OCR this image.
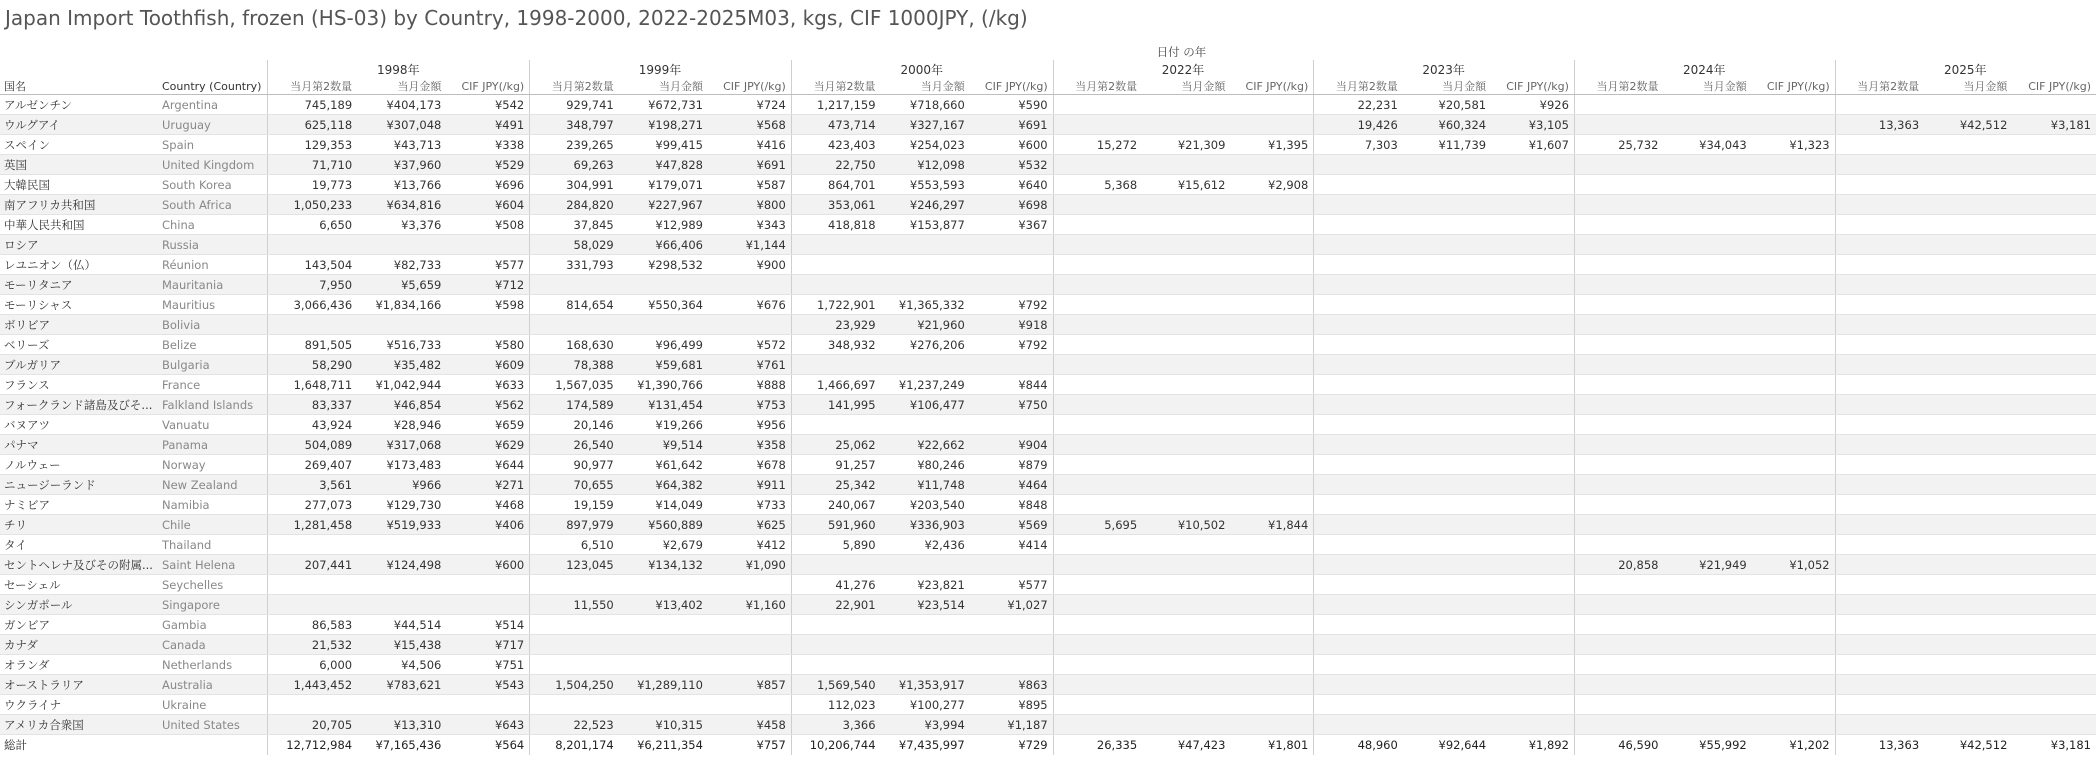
Japan Import Toothfish, frozen (HS-03) by Country, 1998-2000, 2022-2025M03, kgs, CIF 1000JPY, (/kg)
		日付 の年																				
		1998年			1999年			2000年			2022年			2023年			2024年			2025年		
国名	Country (Country)	当月第2数量	当月金額	CIF JPY(/kg)	当月第2数量	当月金額	CIF JPY(/kg)	当月第2数量	当月金額	CIF JPY(/kg)	当月第2数量	当月金額	CIF JPY(/kg)	当月第2数量	当月金額	CIF JPY(/kg)	当月第2数量	当月金額	CIF JPY(/kg)	当月第2数量	当月金額	CIF JPY(/kg)
アルゼンチン	Argentina	745,189	¥404,173	¥542	929,741	¥672,731	¥724	1,217,159	¥718,660	¥590				22,231	¥20,581	¥926						
ウルグアイ	Uruguay	625,118	¥307,048	¥491	348,797	¥198,271	¥568	473,714	¥327,167	¥691				19,426	¥60,324	¥3,105				13,363	¥42,512	¥3,181
スペイン	Spain	129,353	¥43,713	¥338	239,265	¥99,415	¥416	423,403	¥254,023	¥600	15,272	¥21,309	¥1,395	7,303	¥11,739	¥1,607	25,732	¥34,043	¥1,323			
英国	United Kingdom	71,710	¥37,960	¥529	69,263	¥47,828	¥691	22,750	¥12,098	¥532												
大韓民国	South Korea	19,773	¥13,766	¥696	304,991	¥179,071	¥587	864,701	¥553,593	¥640	5,368	¥15,612	¥2,908									
南アフリカ共和国	South Africa	1,050,233	¥634,816	¥604	284,820	¥227,967	¥800	353,061	¥246,297	¥698												
中華人民共和国	China	6,650	¥3,376	¥508	37,845	¥12,989	¥343	418,818	¥153,877	¥367												
ロシア	Russia				58,029	¥66,406	¥1,144															
レユニオン（仏）	Réunion	143,504	¥82,733	¥577	331,793	¥298,532	¥900															
モーリタニア	Mauritania	7,950	¥5,659	¥712																		
モーリシャス	Mauritius	3,066,436	¥1,834,166	¥598	814,654	¥550,364	¥676	1,722,901	¥1,365,332	¥792												
ボリビア	Bolivia							23,929	¥21,960	¥918												
ベリーズ	Belize	891,505	¥516,733	¥580	168,630	¥96,499	¥572	348,932	¥276,206	¥792												
ブルガリア	Bulgaria	58,290	¥35,482	¥609	78,388	¥59,681	¥761															
フランス	France	1,648,711	¥1,042,944	¥633	1,567,035	¥1,390,766	¥888	1,466,697	¥1,237,249	¥844												
フォークランド諸島及びそ...	Falkland Islands	83,337	¥46,854	¥562	174,589	¥131,454	¥753	141,995	¥106,477	¥750												
バヌアツ	Vanuatu	43,924	¥28,946	¥659	20,146	¥19,266	¥956															
パナマ	Panama	504,089	¥317,068	¥629	26,540	¥9,514	¥358	25,062	¥22,662	¥904												
ノルウェー	Norway	269,407	¥173,483	¥644	90,977	¥61,642	¥678	91,257	¥80,246	¥879												
ニュージーランド	New Zealand	3,561	¥966	¥271	70,655	¥64,382	¥911	25,342	¥11,748	¥464												
ナミビア	Namibia	277,073	¥129,730	¥468	19,159	¥14,049	¥733	240,067	¥203,540	¥848												
チリ	Chile	1,281,458	¥519,933	¥406	897,979	¥560,889	¥625	591,960	¥336,903	¥569	5,695	¥10,502	¥1,844									
タイ	Thailand				6,510	¥2,679	¥412	5,890	¥2,436	¥414												
セントヘレナ及びその附属...	Saint Helena	207,441	¥124,498	¥600	123,045	¥134,132	¥1,090										20,858	¥21,949	¥1,052			
セーシェル	Seychelles							41,276	¥23,821	¥577												
シンガポール	Singapore				11,550	¥13,402	¥1,160	22,901	¥23,514	¥1,027												
ガンビア	Gambia	86,583	¥44,514	¥514																		
カナダ	Canada	21,532	¥15,438	¥717																		
オランダ	Netherlands	6,000	¥4,506	¥751																		
オーストラリア	Australia	1,443,452	¥783,621	¥543	1,504,250	¥1,289,110	¥857	1,569,540	¥1,353,917	¥863												
ウクライナ	Ukraine							112,023	¥100,277	¥895												
アメリカ合衆国	United States	20,705	¥13,310	¥643	22,523	¥10,315	¥458	3,366	¥3,994	¥1,187												
総計		12,712,984	¥7,165,436	¥564	8,201,174	¥6,211,354	¥757	10,206,744	¥7,435,997	¥729	26,335	¥47,423	¥1,801	48,960	¥92,644	¥1,892	46,590	¥55,992	¥1,202	13,363	¥42,512	¥3,181
